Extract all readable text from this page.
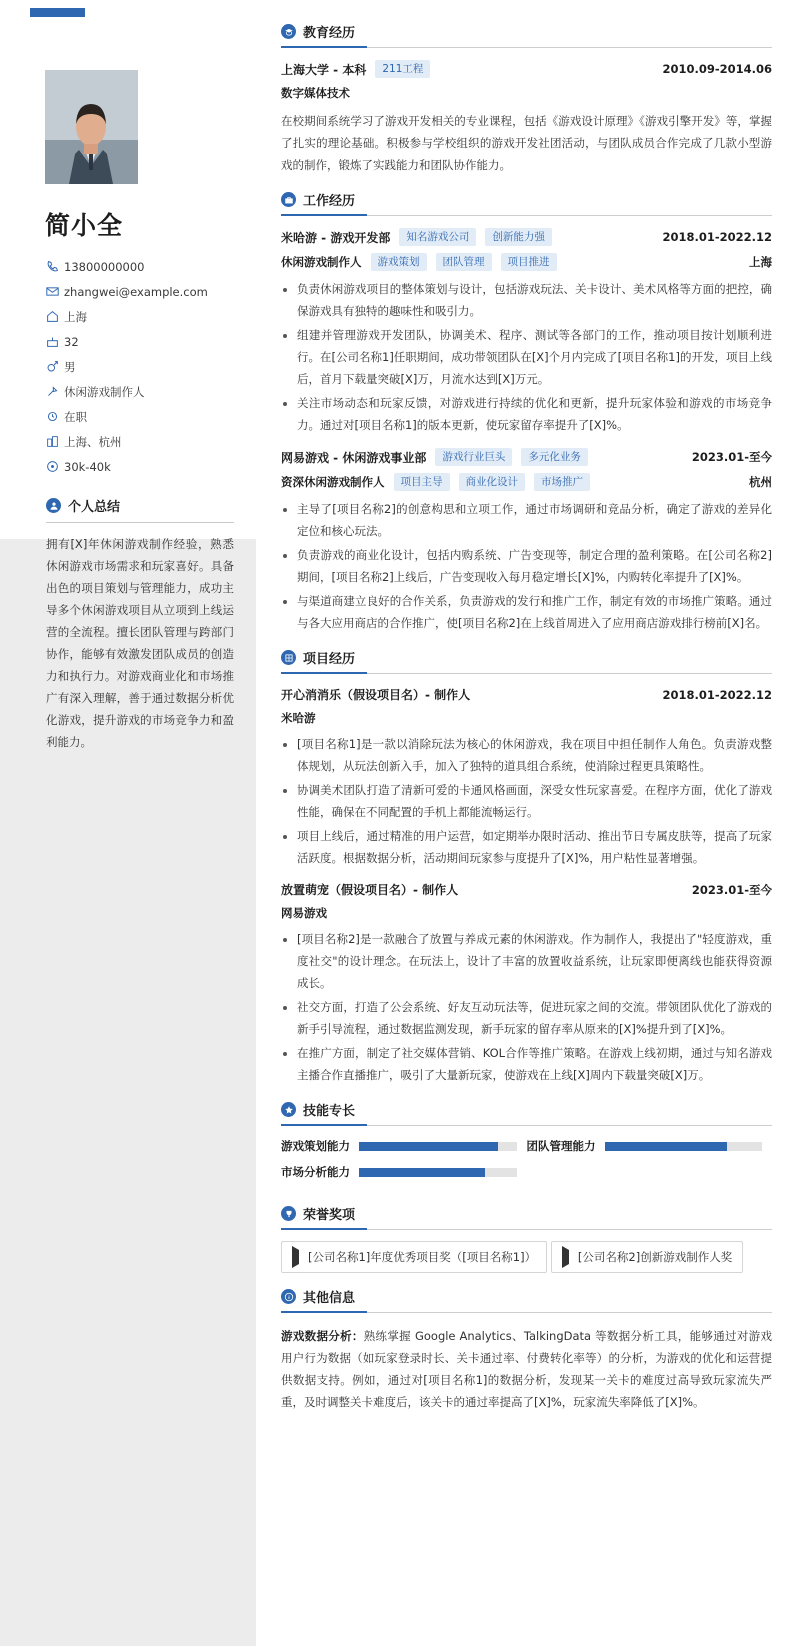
简小全
13800000000
zhangwei@example.com
上海
32
男
休闲游戏制作人
在职
上海、杭州
30k-40k
个人总结
拥有[X]年休闲游戏制作经验，熟悉休闲游戏市场需求和玩家喜好。具备出色的项目策划与管理能力，成功主导多个休闲游戏项目从立项到上线运营的全流程。擅长团队管理与跨部门协作，能够有效激发团队成员的创造力和执行力。对游戏商业化和市场推广有深入理解，善于通过数据分析优化游戏，提升游戏的市场竞争力和盈利能力。
教育经历
上海大学 - 本科	211工程	2010.09-2014.06
数字媒体技术
在校期间系统学习了游戏开发相关的专业课程，包括《游戏设计原理》《游戏引擎开发》等，掌握了扎实的理论基础。积极参与学校组织的游戏开发社团活动，与团队成员合作完成了几款小型游戏的制作，锻炼了实践能力和团队协作能力。
工作经历
米哈游 - 游戏开发部	知名游戏公司	创新能力强	2018.01-2022.12
休闲游戏制作人	游戏策划	团队管理	项目推进	上海
• 负责休闲游戏项目的整体策划与设计，包括游戏玩法、关卡设计、美术风格等方面的把控，确保游戏具有独特的趣味性和吸引力。
• 组建并管理游戏开发团队，协调美术、程序、测试等各部门的工作，推动项目按计划顺利进行。在[公司名称1]任职期间，成功带领团队在[X]个月内完成了[项目名称1]的开发，项目上线后，首月下载量突破[X]万，月流水达到[X]万元。
• 关注市场动态和玩家反馈，对游戏进行持续的优化和更新，提升玩家体验和游戏的市场竞争力。通过对[项目名称1]的版本更新，使玩家留存率提升了[X]%。
网易游戏 - 休闲游戏事业部	游戏行业巨头	多元化业务	2023.01-至今
资深休闲游戏制作人	项目主导	商业化设计	市场推广	杭州
• 主导了[项目名称2]的创意构思和立项工作，通过市场调研和竞品分析，确定了游戏的差异化定位和核心玩法。
• 负责游戏的商业化设计，包括内购系统、广告变现等，制定合理的盈利策略。在[公司名称2]期间，[项目名称2]上线后，广告变现收入每月稳定增长[X]%，内购转化率提升了[X]%。
• 与渠道商建立良好的合作关系，负责游戏的发行和推广工作，制定有效的市场推广策略。通过与各大应用商店的合作推广，使[项目名称2]在上线首周进入了应用商店游戏排行榜前[X]名。
项目经历
开心消消乐（假设项目名）- 制作人	2018.01-2022.12
米哈游
• [项目名称1]是一款以消除玩法为核心的休闲游戏，我在项目中担任制作人角色。负责游戏整体规划，从玩法创新入手，加入了独特的道具组合系统，使消除过程更具策略性。
• 协调美术团队打造了清新可爱的卡通风格画面，深受女性玩家喜爱。在程序方面，优化了游戏性能，确保在不同配置的手机上都能流畅运行。
• 项目上线后，通过精准的用户运营，如定期举办限时活动、推出节日专属皮肤等，提高了玩家活跃度。根据数据分析，活动期间玩家参与度提升了[X]%，用户粘性显著增强。
放置萌宠（假设项目名）- 制作人	2023.01-至今
网易游戏
• [项目名称2]是一款融合了放置与养成元素的休闲游戏。作为制作人，我提出了"轻度游戏，重度社交"的设计理念。在玩法上，设计了丰富的放置收益系统，让玩家即便离线也能获得资源成长。
• 社交方面，打造了公会系统、好友互动玩法等，促进玩家之间的交流。带领团队优化了游戏的新手引导流程，通过数据监测发现，新手玩家的留存率从原来的[X]%提升到了[X]%。
• 在推广方面，制定了社交媒体营销、KOL合作等推广策略。在游戏上线初期，通过与知名游戏主播合作直播推广，吸引了大量新玩家，使游戏在上线[X]周内下载量突破[X]万。
技能专长
游戏策划能力	团队管理能力
市场分析能力
荣誉奖项
[公司名称1]年度优秀项目奖（[项目名称1]）	[公司名称2]创新游戏制作人奖
其他信息
游戏数据分析：熟练掌握 Google Analytics、TalkingData 等数据分析工具，能够通过对游戏用户行为数据（如玩家登录时长、关卡通过率、付费转化率等）的分析，为游戏的优化和运营提供数据支持。例如，通过对[项目名称1]的数据分析，发现某一关卡的难度过高导致玩家流失严重，及时调整关卡难度后，该关卡的通过率提高了[X]%，玩家流失率降低了[X]%。
